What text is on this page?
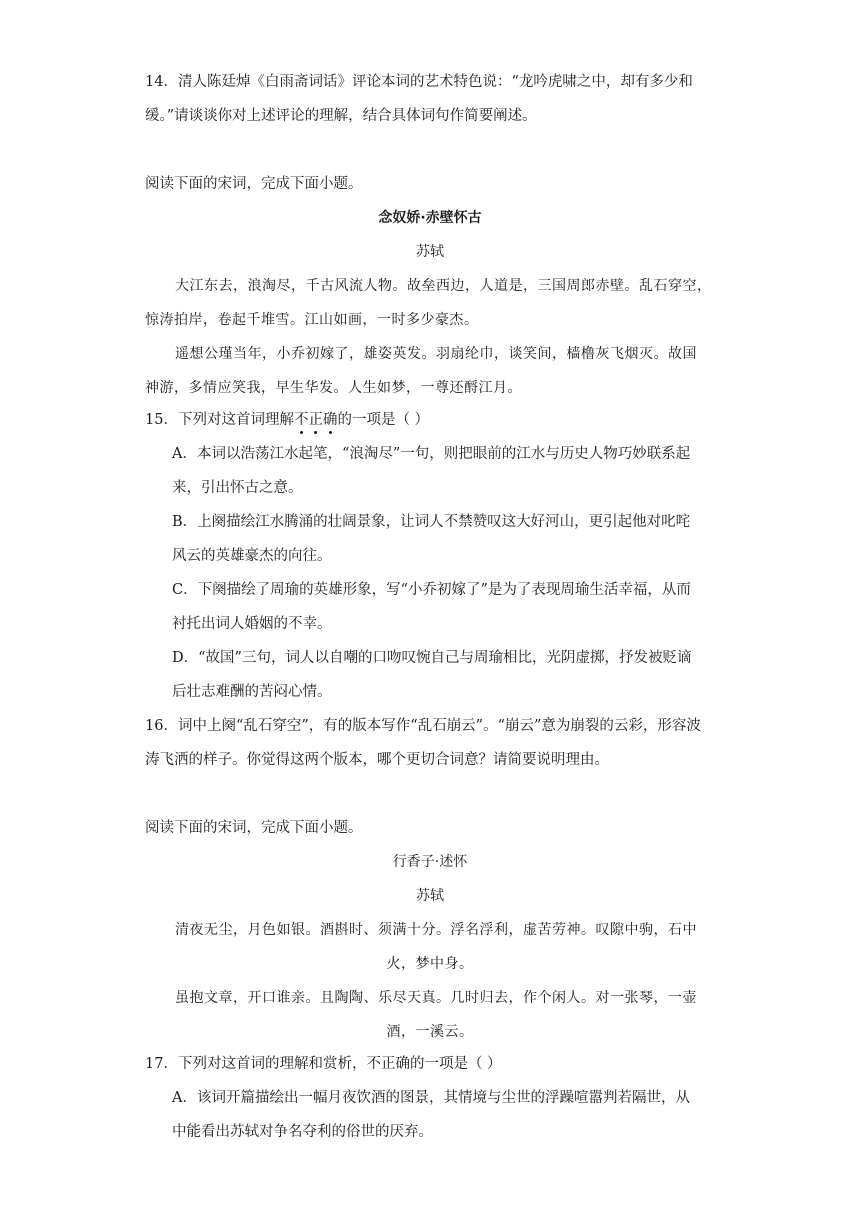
14．清人陈廷焯《白雨斋词话》评论本词的艺术特色说：“龙吟虎啸之中，却有多少和
缓。”请谈谈你对上述评论的理解，结合具体词句作简要阐述。
阅读下面的宋词，完成下面小题。
念奴娇·赤壁怀古
苏轼
大江东去，浪淘尽，千古风流人物。故垒西边，人道是，三国周郎赤壁。乱石穿空，
惊涛拍岸，卷起千堆雪。江山如画，一时多少豪杰。
遥想公瑾当年，小乔初嫁了，雄姿英发。羽扇纶巾，谈笑间，樯橹灰飞烟灭。故国
神游，多情应笑我，早生华发。人生如梦，一尊还酹江月。
15．下列对这首词理解不
正
确
的一项是（ ）
A．本词以浩荡江水起笔，“浪淘尽”一句，则把眼前的江水与历史人物巧妙联系起
来，引出怀古之意。
B．上阕描绘江水腾涌的壮阔景象，让词人不禁赞叹这大好河山，更引起他对叱咤
风云的英雄豪杰的向往。
C．下阕描绘了周瑜的英雄形象，写“小乔初嫁了”是为了表现周瑜生活幸福，从而
衬托出词人婚姻的不幸。
D．“故国”三句，词人以自嘲的口吻叹惋自己与周瑜相比，光阴虚掷，抒发被贬谪
后壮志难酬的苦闷心情。
16．词中上阕“乱石穿空”，有的版本写作“乱石崩云”。“崩云”意为崩裂的云彩，形容波
涛飞洒的样子。你觉得这两个版本，哪个更切合词意？请简要说明理由。
阅读下面的宋词，完成下面小题。
行香子·述怀
苏轼
清夜无尘，月色如银。酒斟时、须满十分。浮名浮利，虚苦劳神。叹隙中驹，石中
火，梦中身。
虽抱文章，开口谁亲。且陶陶、乐尽天真。几时归去，作个闲人。对一张琴，一壶
酒，一溪云。
17．下列对这首词的理解和赏析，不正确的一项是（ ）
A．该词开篇描绘出一幅月夜饮酒的图景，其情境与尘世的浮躁喧嚣判若隔世，从
中能看出苏轼对争名夺利的俗世的厌弃。
